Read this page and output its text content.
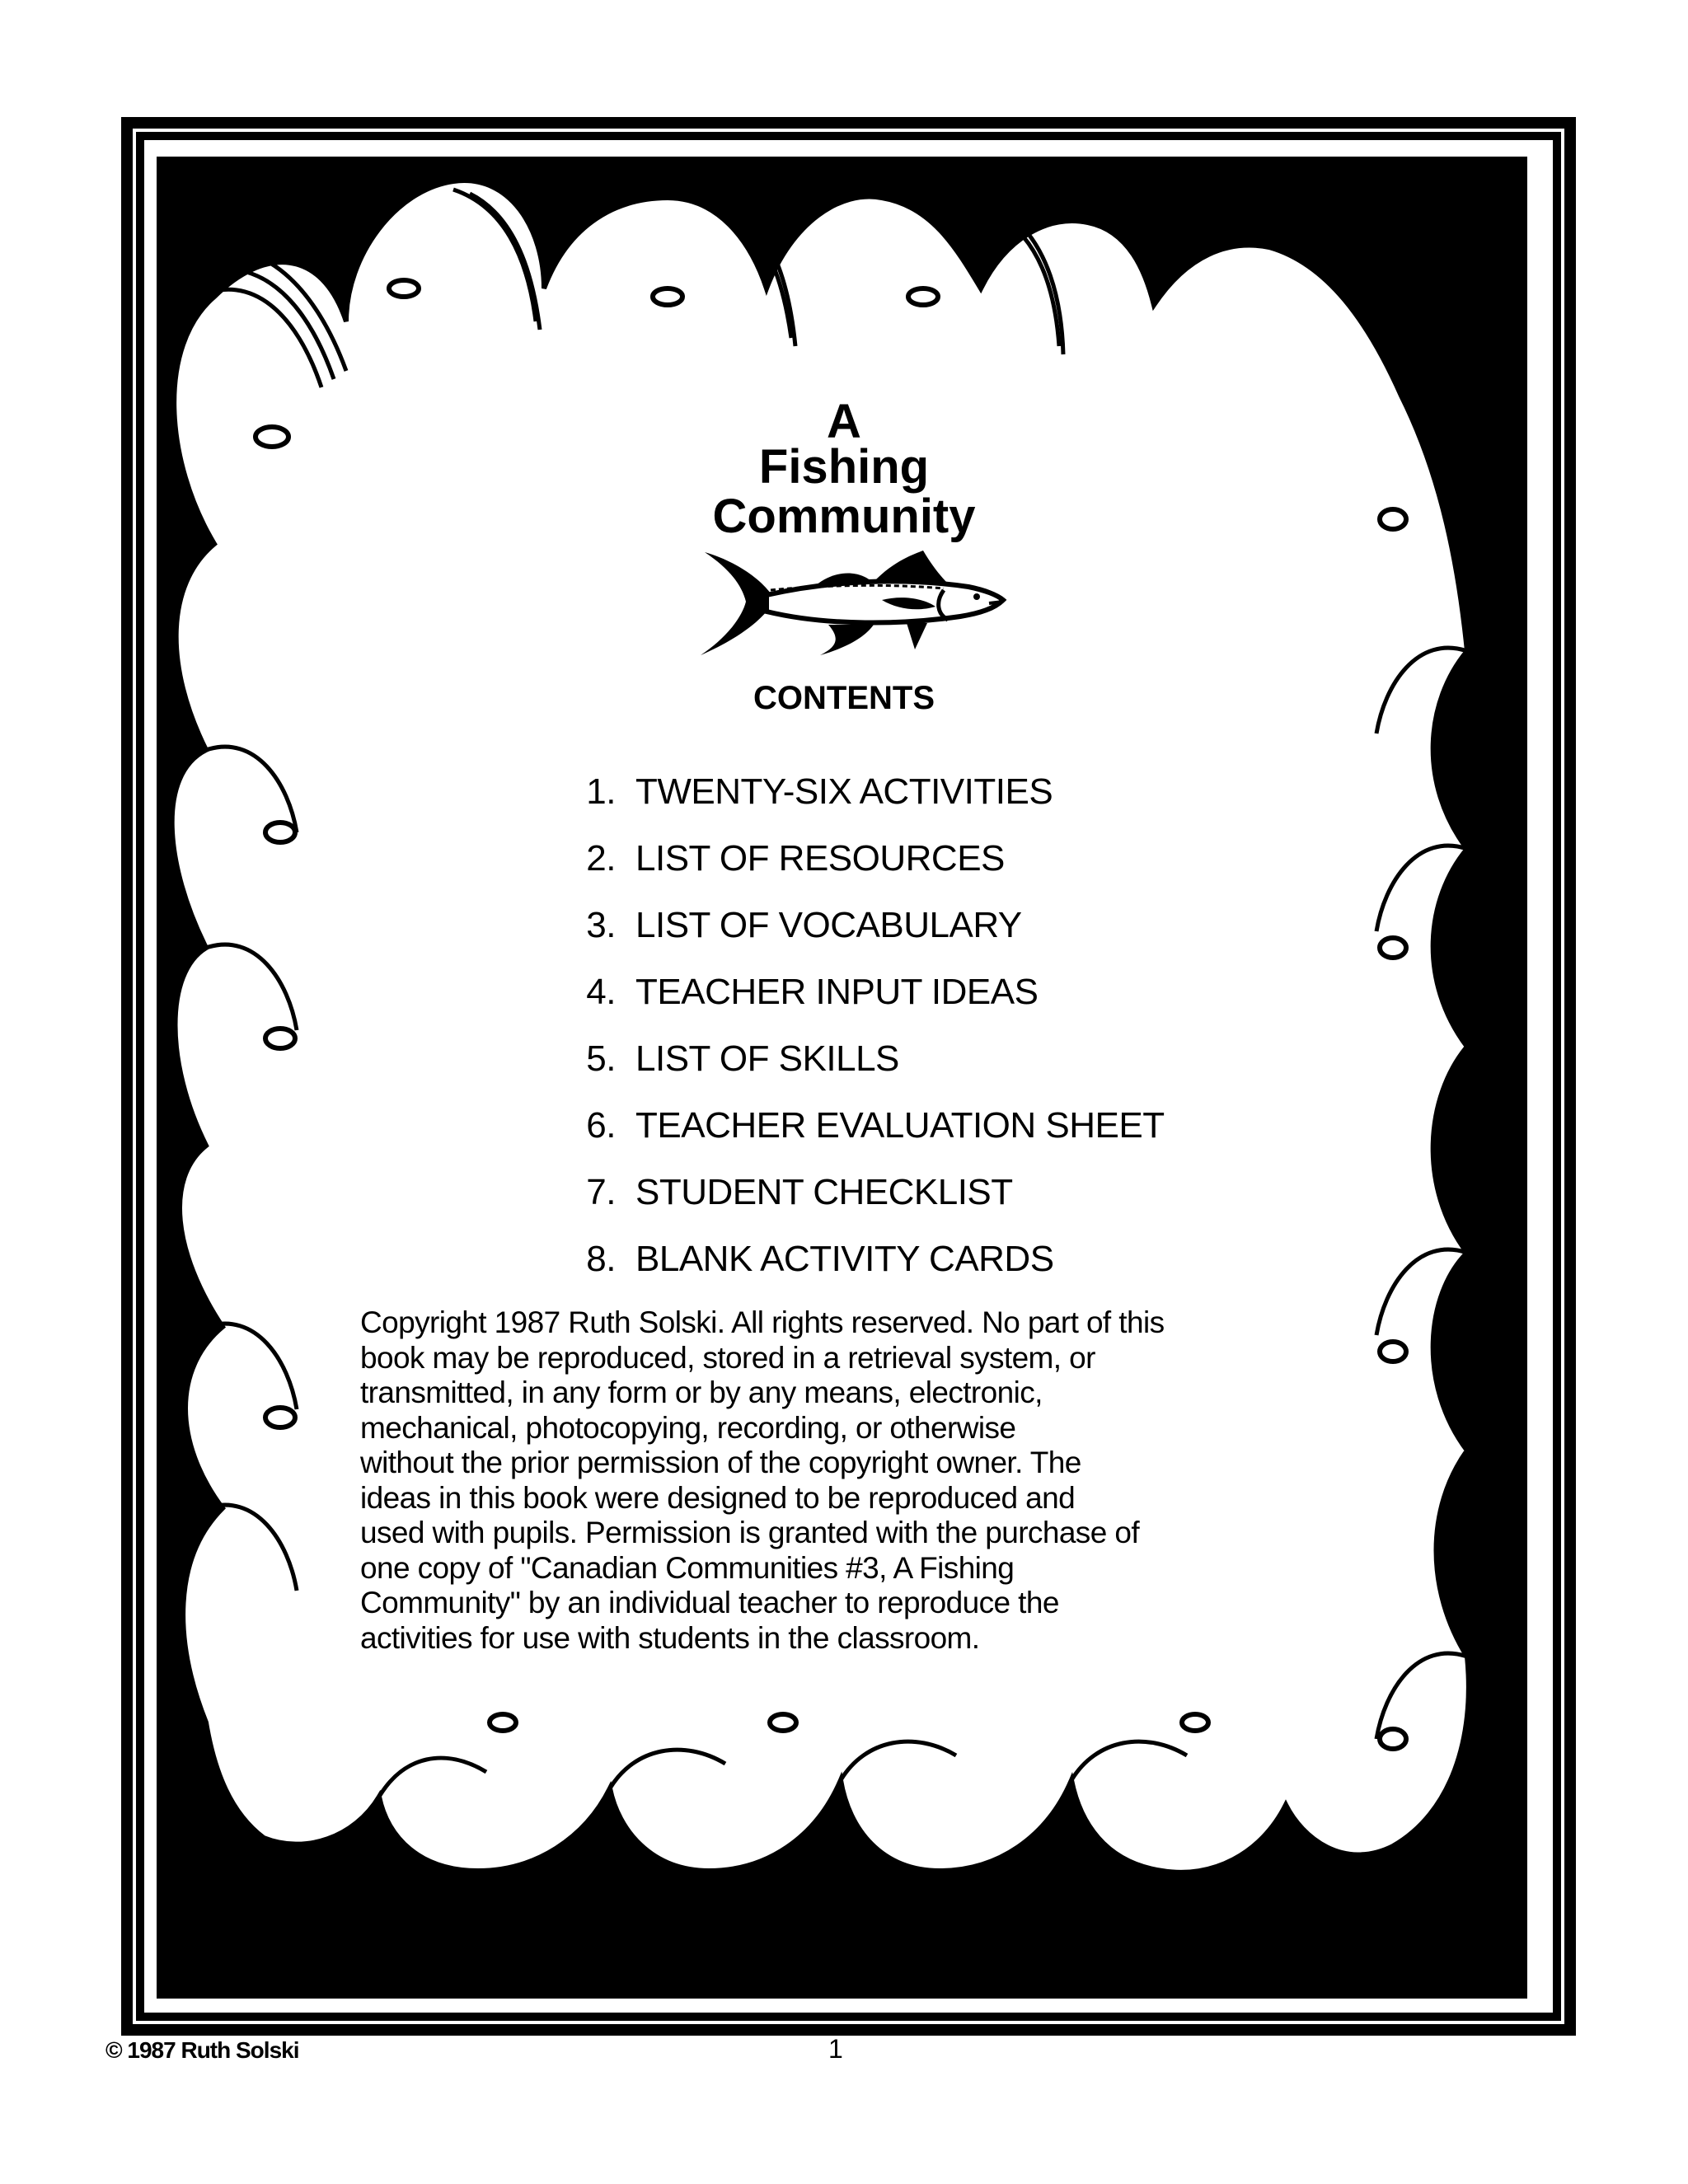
A
Fishing
Community
CONTENTS
1. TWENTY-SIX ACTIVITIES
2. LIST OF RESOURCES
3. LIST OF VOCABULARY
4. TEACHER INPUT IDEAS
5. LIST OF SKILLS
6. TEACHER EVALUATION SHEET
7. STUDENT CHECKLIST
8. BLANK ACTIVITY CARDS
Copyright 1987 Ruth Solski. All rights reserved. No part of this
book may be reproduced, stored in a retrieval system, or
transmitted, in any form or by any means, electronic,
mechanical, photocopying, recording, or otherwise
without the prior permission of the copyright owner. The
ideas in this book were designed to be reproduced and
used with pupils. Permission is granted with the purchase of
one copy of "Canadian Communities #3, A Fishing
Community" by an individual teacher to reproduce the
activities for use with students in the classroom.
© 1987 Ruth Solski	1
